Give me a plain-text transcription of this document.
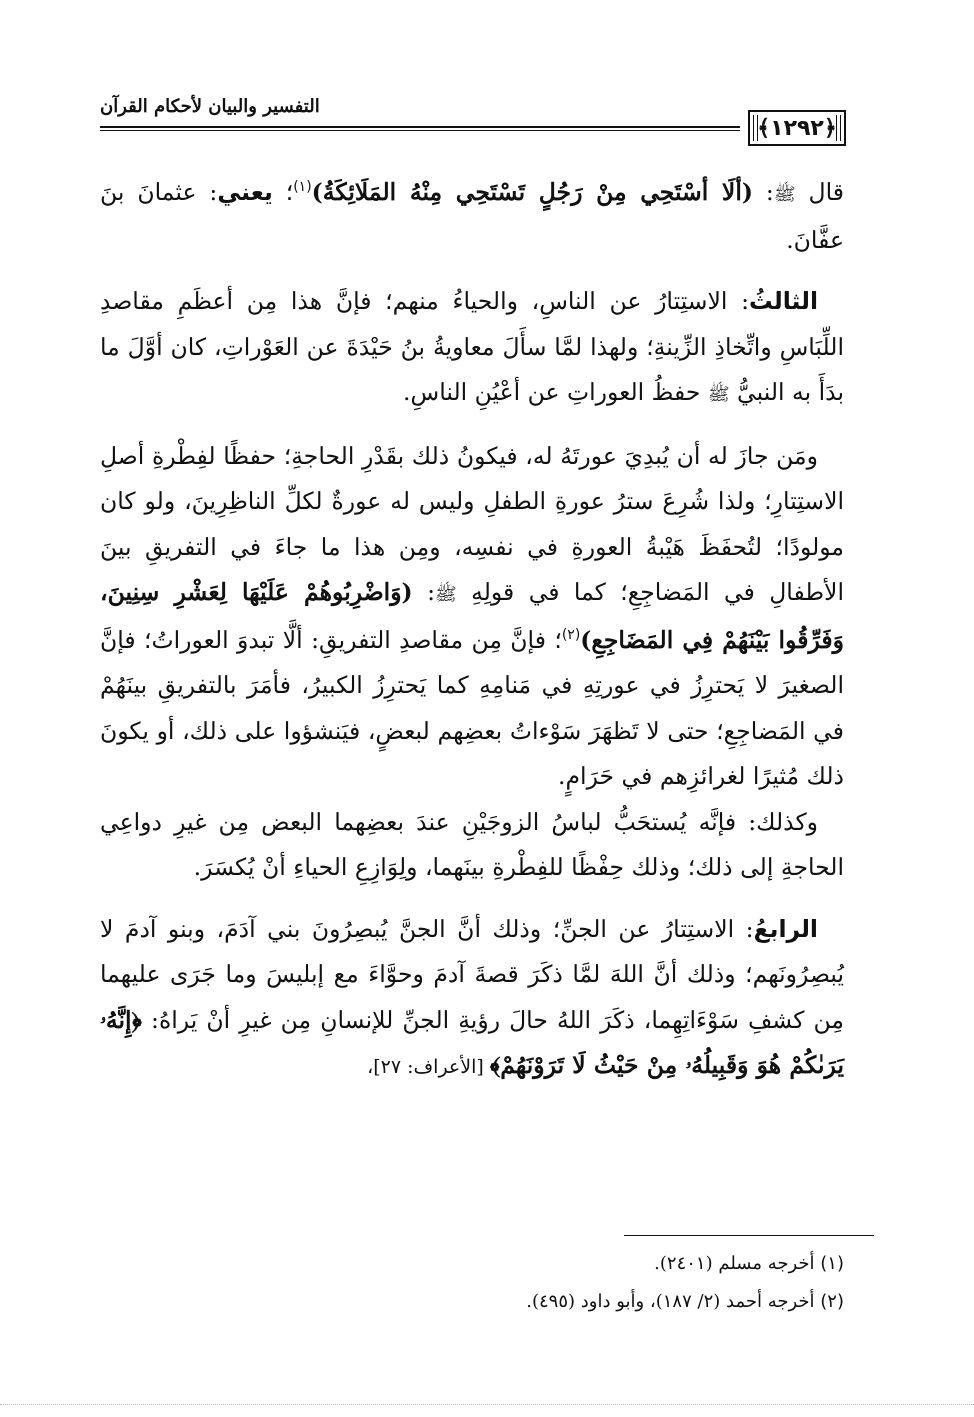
﴿١٢٩٢﴾
التفسير والبيان لأحكام القرآن

قال ﷺ: (ألَا أسْتَحِي مِنْ رَجُلٍ تَسْتَحِي مِنْهُ المَلَائِكَةُ)$^{(١)}$؛ يعني: عثمانَ بنَ عفَّانَ.

الثالثُ: الاستِتارُ عن الناسِ، والحياءُ منهم؛ فإنَّ هذا مِن أعظَمِ مقاصدِ اللِّبَاسِ واتِّخاذِ الزِّينةِ؛ ولهذا لمَّا سأَلَ معاويةُ بنُ حَيْدَةَ عن العَوْراتِ، كان أوَّلَ ما بدَأَ به النبيُّ ﷺ حفظُ العوراتِ عن أعْيُنِ الناسِ.

ومَن جازَ له أن يُبدِيَ عورتَهُ له، فيكونُ ذلك بقَدْرِ الحاجةِ؛ حفظًا لفِطْرةِ أصلِ الاستِتارِ؛ ولذا شُرِعَ سترُ عورةِ الطفلِ وليس له عورةٌ لكلِّ الناظِرِينَ، ولو كان مولودًا؛ لتُحفَظَ هَيْبةُ العورةِ في نفسِه، ومِن هذا ما جاءَ في التفريقِ بينَ الأطفالِ في المَضاجِعِ؛ كما في قولِهِ ﷺ: (وَاضْرِبُوهُمْ عَلَيْهَا لِعَشْرِ سِنِينَ، وَفَرِّقُوا بَيْنَهُمْ فِي المَضَاجِعِ)$^{(٢)}$؛ فإنَّ مِن مقاصدِ التفريقِ: ألَّا تبدوَ العوراتُ؛ فإنَّ الصغيرَ لا يَحترِزُ في عورتِهِ في مَنامِهِ كما يَحترِزُ الكبيرُ، فأمَرَ بالتفريقِ بينَهُمْ في المَضاجِعِ؛ حتى لا تَظهَرَ سَوْءاتُ بعضِهم لبعضٍ، فيَنشؤوا على ذلك، أو يكونَ ذلك مُثيرًا لغرائزِهم في حَرَامٍ.

وكذلك: فإنَّه يُستحَبُّ لباسُ الزوجَيْنِ عندَ بعضِهما البعض مِن غيرِ دواعِي الحاجةِ إلى ذلك؛ وذلك حِفْظًا للفِطْرةِ بينَهما، ولِوَازِعِ الحياءِ أنْ يُكسَرَ.

الرابعُ: الاستِتارُ عن الجنِّ؛ وذلك أنَّ الجنَّ يُبصِرُونَ بني آدَمَ، وبنو آدمَ لا يُبصِرُونَهم؛ وذلك أنَّ اللهَ لمَّا ذكَرَ قصةَ آدمَ وحوَّاءَ مع إبليسَ وما جَرَى عليهما مِن كشفِ سَوْءَاتِهِما، ذكَرَ اللهُ حالَ رؤيةِ الجنِّ للإنسانِ مِن غيرِ أنْ يَراهُ: ﴿إِنَّهُۥ يَرَىٰكُمْ هُوَ وَقَبِيلُهُۥ مِنْ حَيْثُ لَا تَرَوْنَهُمْ﴾ [الأعراف: ٢٧]،

(١) أخرجه مسلم (٢٤٠١).
(٢) أخرجه أحمد (٢/ ١٨٧)، وأبو داود (٤٩٥).
